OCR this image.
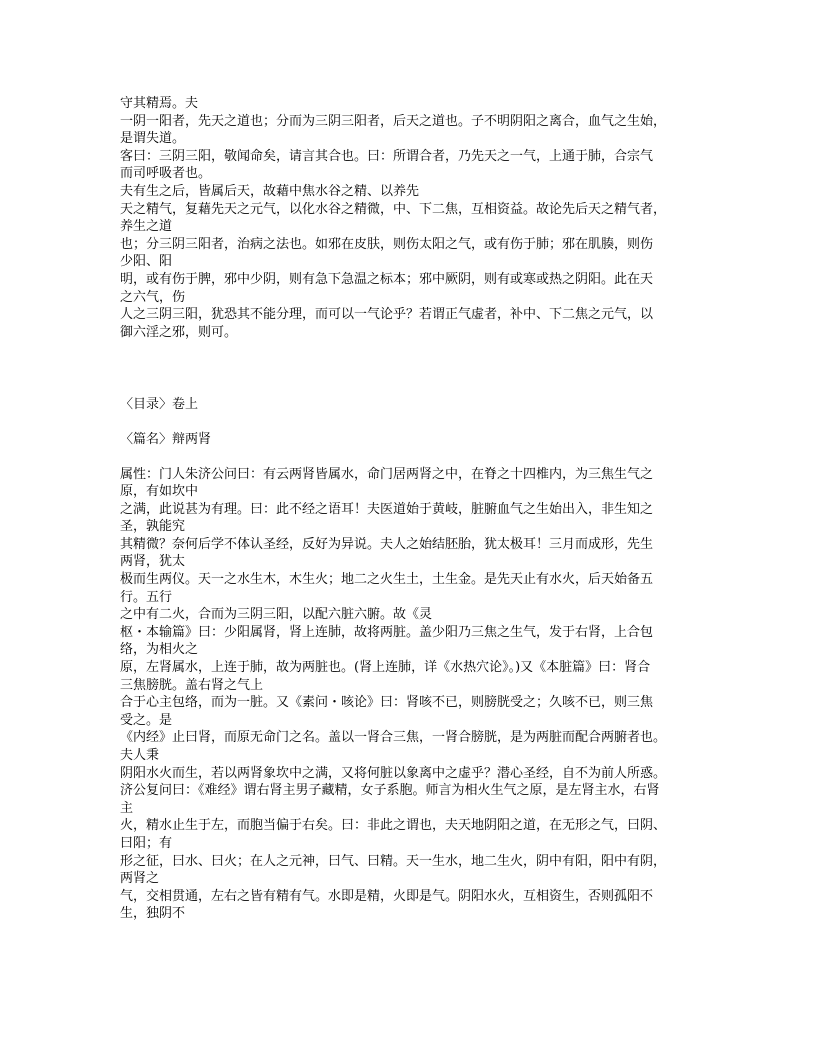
守其精焉。夫
一阴一阳者，先天之道也；分而为三阴三阳者，后天之道也。子不明阴阳之离合，血气之生始，
是谓失道。
客曰：三阴三阳，敬闻命矣，请言其合也。曰：所谓合者，乃先天之一气，上通于肺，合宗气
而司呼吸者也。
夫有生之后，皆属后天，故藉中焦水谷之精、以养先
天之精气，复藉先天之元气，以化水谷之精微，中、下二焦，互相资益。故论先后天之精气者，
养生之道
也；分三阴三阳者，治病之法也。如邪在皮肤，则伤太阳之气，或有伤于肺；邪在肌腠，则伤
少阳、阳
明，或有伤于脾，邪中少阴，则有急下急温之标本；邪中厥阴，则有或寒或热之阴阳。此在天
之六气，伤
人之三阴三阳，犹恐其不能分理，而可以一气论乎？若谓正气虚者，补中、下二焦之元气，以
御六淫之邪，则可。
〈目录〉卷上
〈篇名〉辩两肾
属性：门人朱济公问曰：有云两肾皆属水，命门居两肾之中，在脊之十四椎内，为三焦生气之
原，有如坎中
之满，此说甚为有理。曰：此不经之语耳！夫医道始于黄岐，脏腑血气之生始出入，非生知之
圣，孰能究
其精微？奈何后学不体认圣经，反好为异说。夫人之始结胚胎，犹太极耳！三月而成形，先生
两肾，犹太
极而生两仪。天一之水生木，木生火；地二之火生土，土生金。是先天止有水火，后天始备五
行。五行
之中有二火，合而为三阴三阳，以配六脏六腑。故《灵
枢・本输篇》曰：少阳属肾，肾上连肺，故将两脏。盖少阳乃三焦之生气，发于右肾，上合包
络，为相火之
原，左肾属水，上连于肺，故为两脏也。(肾上连肺，详《水热穴论》。)又《本脏篇》曰：肾合
三焦膀胱。盖右肾之气上
合于心主包络，而为一脏。又《素问・咳论》曰：肾咳不已，则膀胱受之；久咳不已，则三焦
受之。是
《内经》止曰肾，而原无命门之名。盖以一肾合三焦，一肾合膀胱，是为两脏而配合两腑者也。
夫人秉
阴阳水火而生，若以两肾象坎中之满，又将何脏以象离中之虚乎？潜心圣经，自不为前人所惑。
济公复问曰：《难经》谓右肾主男子藏精，女子系胞。师言为相火生气之原，是左肾主水，右肾
主
火，精水止生于左，而胞当偏于右矣。曰：非此之谓也，夫天地阴阳之道，在无形之气，曰阴、
曰阳；有
形之征，曰水、曰火；在人之元神，曰气、曰精。天一生水，地二生火，阴中有阳，阳中有阴，
两肾之
气，交相贯通，左右之皆有精有气。水即是精，火即是气。阴阳水火，互相资生，否则孤阳不
生，独阴不
